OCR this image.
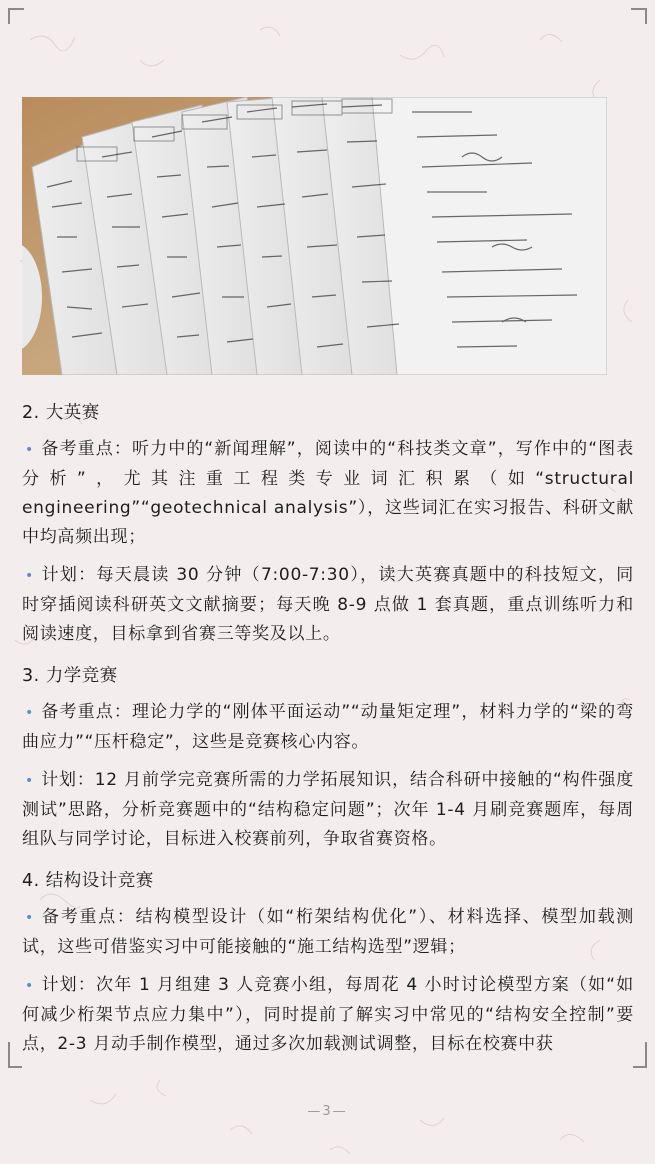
2. 大英赛

• 备考重点：听力中的“新闻理解”，阅读中的“科技类文章”，写作中的“图表分析”，尤其注重工程类专业词汇积累（如“structural engineering”“geotechnical analysis”），这些词汇在实习报告、科研文献中均高频出现；

• 计划：每天晨读 30 分钟（7:00-7:30），读大英赛真题中的科技短文，同时穿插阅读科研英文文献摘要；每天晚 8-9 点做 1 套真题，重点训练听力和阅读速度，目标拿到省赛三等奖及以上。

3. 力学竞赛

• 备考重点：理论力学的“刚体平面运动”“动量矩定理”，材料力学的“梁的弯曲应力”“压杆稳定”，这些是竞赛核心内容。

• 计划：12 月前学完竞赛所需的力学拓展知识，结合科研中接触的“构件强度测试”思路，分析竞赛题中的“结构稳定问题”；次年 1-4 月刷竞赛题库，每周组队与同学讨论，目标进入校赛前列，争取省赛资格。

4. 结构设计竞赛

• 备考重点：结构模型设计（如“桁架结构优化”）、材料选择、模型加载测试，这些可借鉴实习中可能接触的“施工结构选型”逻辑；

• 计划：次年 1 月组建 3 人竞赛小组，每周花 4 小时讨论模型方案（如“如何减少桁架节点应力集中”），同时提前了解实习中常见的“结构安全控制”要点，2-3 月动手制作模型，通过多次加载测试调整，目标在校赛中获

—3—
